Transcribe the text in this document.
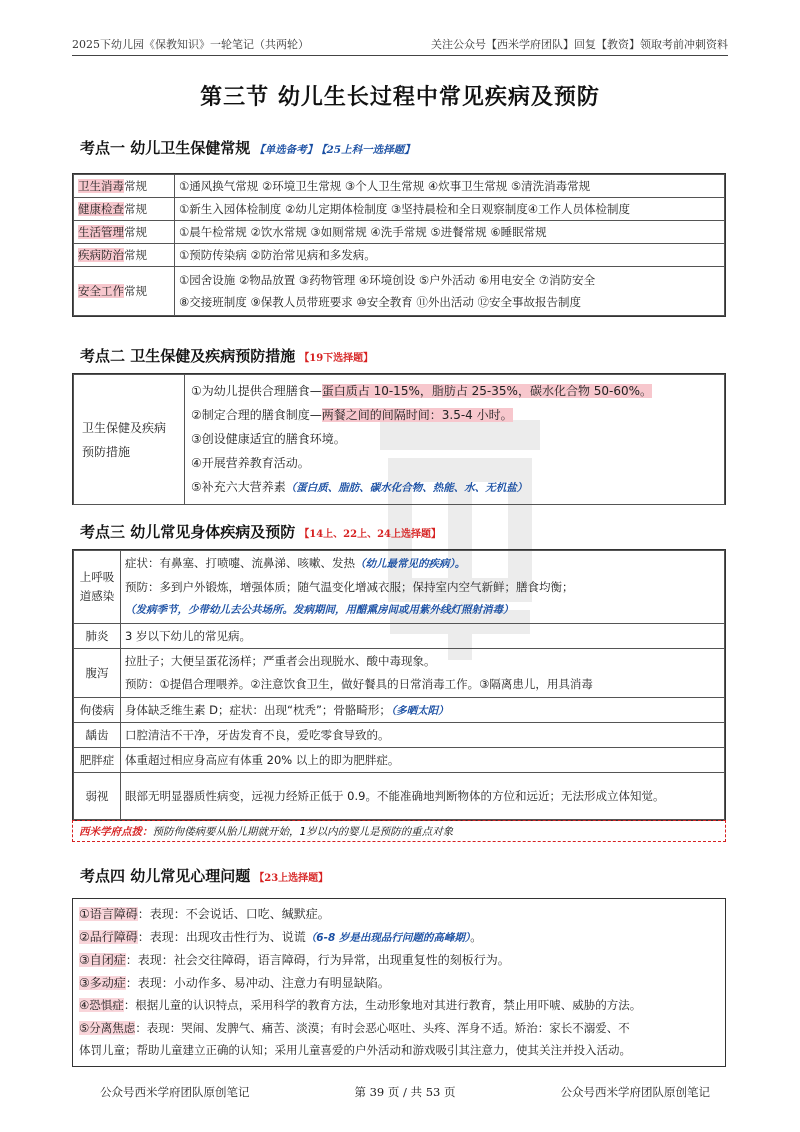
2025下幼儿园《保教知识》一轮笔记（共两轮）	关注公众号【西米学府团队】回复【教资】领取考前冲刺资料
第三节 幼儿生长过程中常见疾病及预防
考点一 幼儿卫生保健常规 【单选备考】 【25上科一选择题】
卫生消毒常规	①通风换气常规 ②环境卫生常规 ③个人卫生常规 ④炊事卫生常规 ⑤清洗消毒常规
健康检查常规	①新生入园体检制度 ②幼儿定期体检制度 ③坚持晨检和全日观察制度④工作人员体检制度
生活管理常规	①晨午检常规 ②饮水常规 ③如厕常规 ④洗手常规 ⑤进餐常规 ⑥睡眠常规
疾病防治常规	①预防传染病 ②防治常见病和多发病。
安全工作常规	①园舍设施 ②物品放置 ③药物管理 ④环境创设 ⑤户外活动 ⑥用电安全 ⑦消防安全
⑧交接班制度 ⑨保教人员带班要求 ⑩安全教育 ⑪外出活动 ⑫安全事故报告制度
考点二 卫生保健及疾病预防措施 【19下选择题】
卫生保健及疾病预防措施	
①为幼儿提供合理膳食—蛋白质占 10-15%，脂肪占 25-35%，碳水化合物 50-60%。
②制定合理的膳食制度—两餐之间的间隔时间：3.5-4 小时。
③创设健康适宜的膳食环境。
④开展营养教育活动。
⑤补充六大营养素（蛋白质、脂肪、碳水化合物、热能、水、无机盐）
考点三 幼儿常见身体疾病及预防 【14上、22上、24上选择题】
上呼吸道感染	症状：有鼻塞、打喷嚏、流鼻涕、咳嗽、发热（幼儿最常见的疾病）。
预防：多到户外锻炼，增强体质；随气温变化增减衣服；保持室内空气新鲜；膳食均衡；
（发病季节，少带幼儿去公共场所。发病期间，用醋熏房间或用紫外线灯照射消毒）

肺炎	3 岁以下幼儿的常见病。
腹泻	拉肚子；大便呈蛋花汤样；严重者会出现脱水、酸中毒现象。
预防：①提倡合理喂养。②注意饮食卫生，做好餐具的日常消毒工作。③隔离患儿，用具消毒

佝偻病	身体缺乏维生素 D；症状：出现“枕秃”；骨骼畸形；（多晒太阳）
龋齿	口腔清洁不干净，牙齿发育不良，爱吃零食导致的。
肥胖症	体重超过相应身高应有体重 20% 以上的即为肥胖症。
弱视	眼部无明显器质性病变，远视力经矫正低于 0.9。不能准确地判断物体的方位和远近；无法形成立体知觉。
西米学府点拨：预防佝偻病要从胎儿期就开始，1岁以内的婴儿是预防的重点对象
考点四 幼儿常见心理问题 【23上选择题】
①语言障碍：表现：不会说话、口吃、缄默症。
②品行障碍：表现：出现攻击性行为、说谎（6-8 岁是出现品行问题的高峰期）。
③自闭症：表现：社会交往障碍，语言障碍，行为异常，出现重复性的刻板行为。
③多动症：表现：小动作多、易冲动、注意力有明显缺陷。
④恐惧症：根据儿童的认识特点，采用科学的教育方法，生动形象地对其进行教育，禁止用吓唬、威胁的方法。
⑤分离焦虑：表现：哭闹、发脾气、痛苦、淡漠；有时会恶心呕吐、头疼、浑身不适。矫治：家长不溺爱、不
体罚儿童；帮助儿童建立正确的认知；采用儿童喜爱的户外活动和游戏吸引其注意力，使其关注并投入活动。
公众号西米学府团队原创笔记	第 39 页 / 共 53 页	公众号西米学府团队原创笔记
